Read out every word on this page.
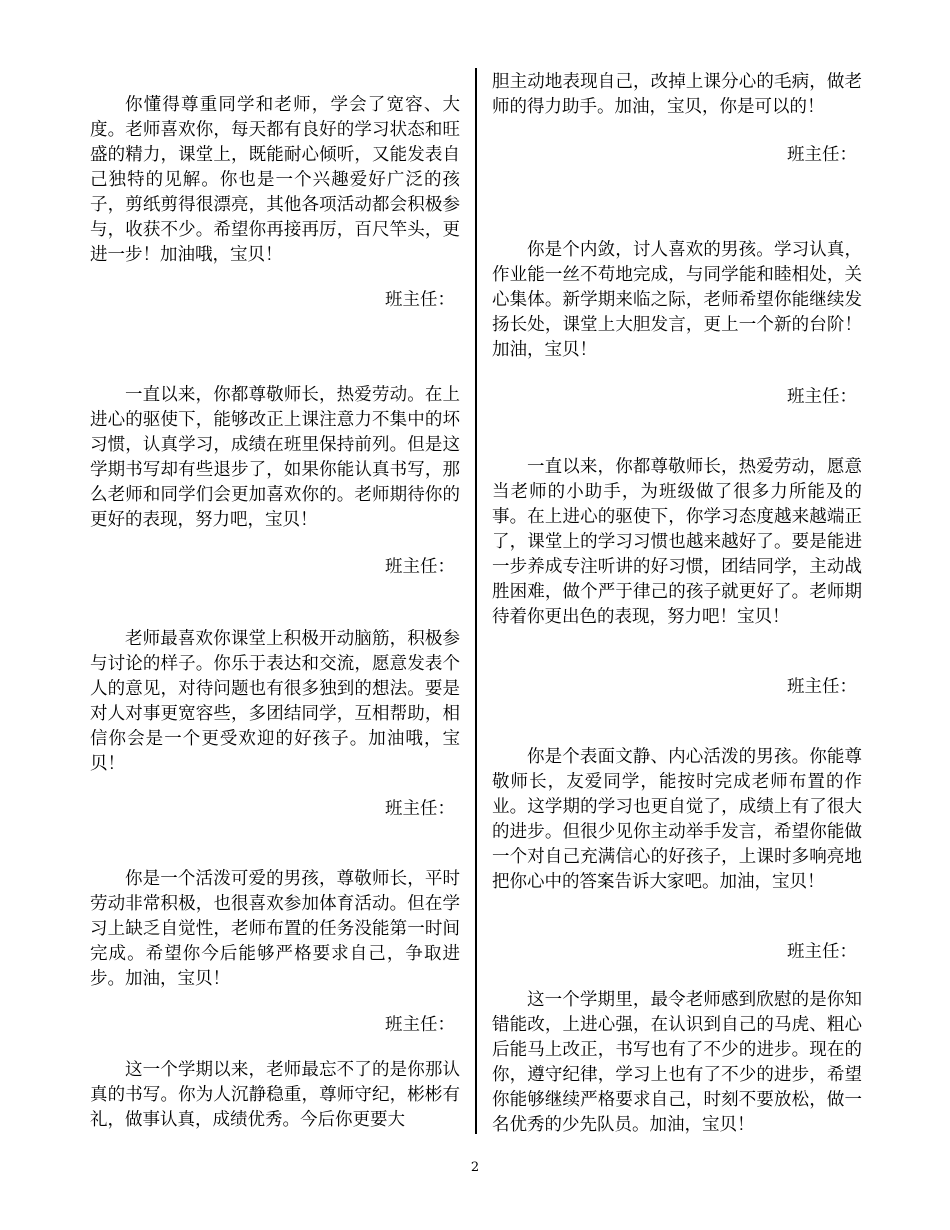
你懂得尊重同学和老师，学会了宽容、大度。老师喜欢你，每天都有良好的学习状态和旺盛的精力，课堂上，既能耐心倾听，又能发表自己独特的见解。你也是一个兴趣爱好广泛的孩子，剪纸剪得很漂亮，其他各项活动都会积极参与，收获不少。希望你再接再厉，百尺竿头，更进一步！加油哦，宝贝！

班主任：

一直以来，你都尊敬师长，热爱劳动。在上进心的驱使下，能够改正上课注意力不集中的坏习惯，认真学习，成绩在班里保持前列。但是这学期书写却有些退步了，如果你能认真书写，那么老师和同学们会更加喜欢你的。老师期待你的更好的表现，努力吧，宝贝！

班主任：

老师最喜欢你课堂上积极开动脑筋，积极参与讨论的样子。你乐于表达和交流，愿意发表个人的意见，对待问题也有很多独到的想法。要是对人对事更宽容些，多团结同学，互相帮助，相信你会是一个更受欢迎的好孩子。加油哦，宝贝！

班主任：

你是一个活泼可爱的男孩，尊敬师长，平时劳动非常积极，也很喜欢参加体育活动。但在学习上缺乏自觉性，老师布置的任务没能第一时间完成。希望你今后能够严格要求自己，争取进步。加油，宝贝！

班主任：

这一个学期以来，老师最忘不了的是你那认真的书写。你为人沉静稳重，尊师守纪，彬彬有礼，做事认真，成绩优秀。今后你更要大

胆主动地表现自己，改掉上课分心的毛病，做老师的得力助手。加油，宝贝，你是可以的！

班主任：

你是个内敛，讨人喜欢的男孩。学习认真，作业能一丝不苟地完成，与同学能和睦相处，关心集体。新学期来临之际，老师希望你能继续发扬长处，课堂上大胆发言，更上一个新的台阶！加油，宝贝！

班主任：

一直以来，你都尊敬师长，热爱劳动，愿意当老师的小助手，为班级做了很多力所能及的事。在上进心的驱使下，你学习态度越来越端正了，课堂上的学习习惯也越来越好了。要是能进一步养成专注听讲的好习惯，团结同学，主动战胜困难，做个严于律己的孩子就更好了。老师期待着你更出色的表现，努力吧！宝贝！

班主任：

你是个表面文静、内心活泼的男孩。你能尊敬师长，友爱同学，能按时完成老师布置的作业。这学期的学习也更自觉了，成绩上有了很大的进步。但很少见你主动举手发言，希望你能做一个对自己充满信心的好孩子，上课时多响亮地把你心中的答案告诉大家吧。加油，宝贝！

班主任：

这一个学期里，最令老师感到欣慰的是你知错能改，上进心强，在认识到自己的马虎、粗心后能马上改正，书写也有了不少的进步。现在的你，遵守纪律，学习上也有了不少的进步，希望你能够继续严格要求自己，时刻不要放松，做一名优秀的少先队员。加油，宝贝！

2
